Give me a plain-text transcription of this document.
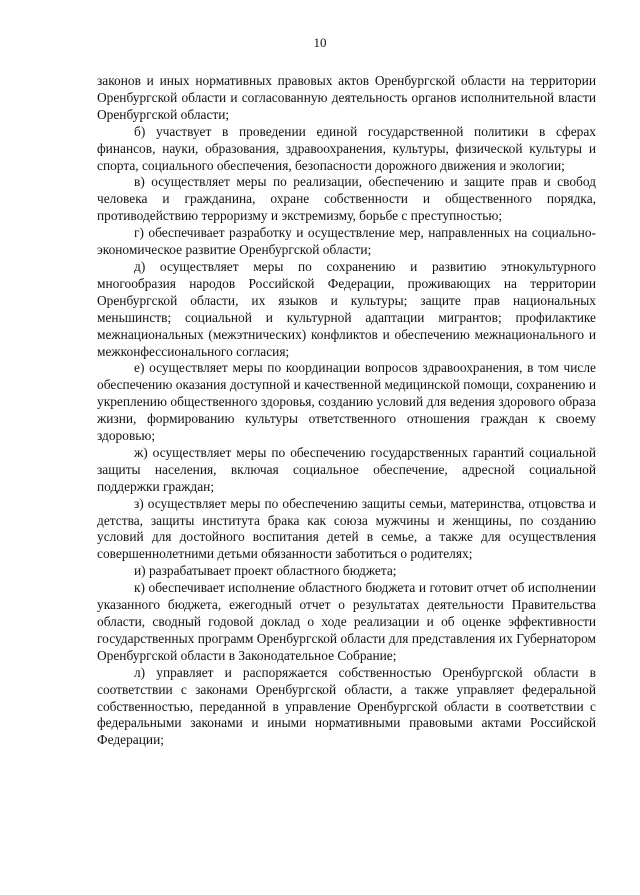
10

законов и иных нормативных правовых актов Оренбургской области на территории Оренбургской области и согласованную деятельность органов исполнительной власти Оренбургской области;

б) участвует в проведении единой государственной политики в сферах финансов, науки, образования, здравоохранения, культуры, физической культуры и спорта, социального обеспечения, безопасности дорожного движения и экологии;

в) осуществляет меры по реализации, обеспечению и защите прав и свобод человека и гражданина, охране собственности и общественного порядка, противодействию терроризму и экстремизму, борьбе с преступностью;

г) обеспечивает разработку и осуществление мер, направленных на социально-экономическое развитие Оренбургской области;

д) осуществляет меры по сохранению и развитию этнокультурного многообразия народов Российской Федерации, проживающих на территории Оренбургской области, их языков и культуры; защите прав национальных меньшинств; социальной и культурной адаптации мигрантов; профилактике межнациональных (межэтнических) конфликтов и обеспечению межнационального и межконфессионального согласия;

е) осуществляет меры по координации вопросов здравоохранения, в том числе обеспечению оказания доступной и качественной медицинской помощи, сохранению и укреплению общественного здоровья, созданию условий для ведения здорового образа жизни, формированию культуры ответственного отношения граждан к своему здоровью;

ж) осуществляет меры по обеспечению государственных гарантий социальной защиты населения, включая социальное обеспечение, адресной социальной поддержки граждан;

з) осуществляет меры по обеспечению защиты семьи, материнства, отцовства и детства, защиты института брака как союза мужчины и женщины, по созданию условий для достойного воспитания детей в семье, а также для осуществления совершеннолетними детьми обязанности заботиться о родителях;

и) разрабатывает проект областного бюджета;

к) обеспечивает исполнение областного бюджета и готовит отчет об исполнении указанного бюджета, ежегодный отчет о результатах деятельности Правительства области, сводный годовой доклад о ходе реализации и об оценке эффективности государственных программ Оренбургской области для представления их Губернатором Оренбургской области в Законодательное Собрание;

л) управляет и распоряжается собственностью Оренбургской области в соответствии с законами Оренбургской области, а также управляет федеральной собственностью, переданной в управление Оренбургской области в соответствии с федеральными законами и иными нормативными правовыми актами Российской Федерации;
